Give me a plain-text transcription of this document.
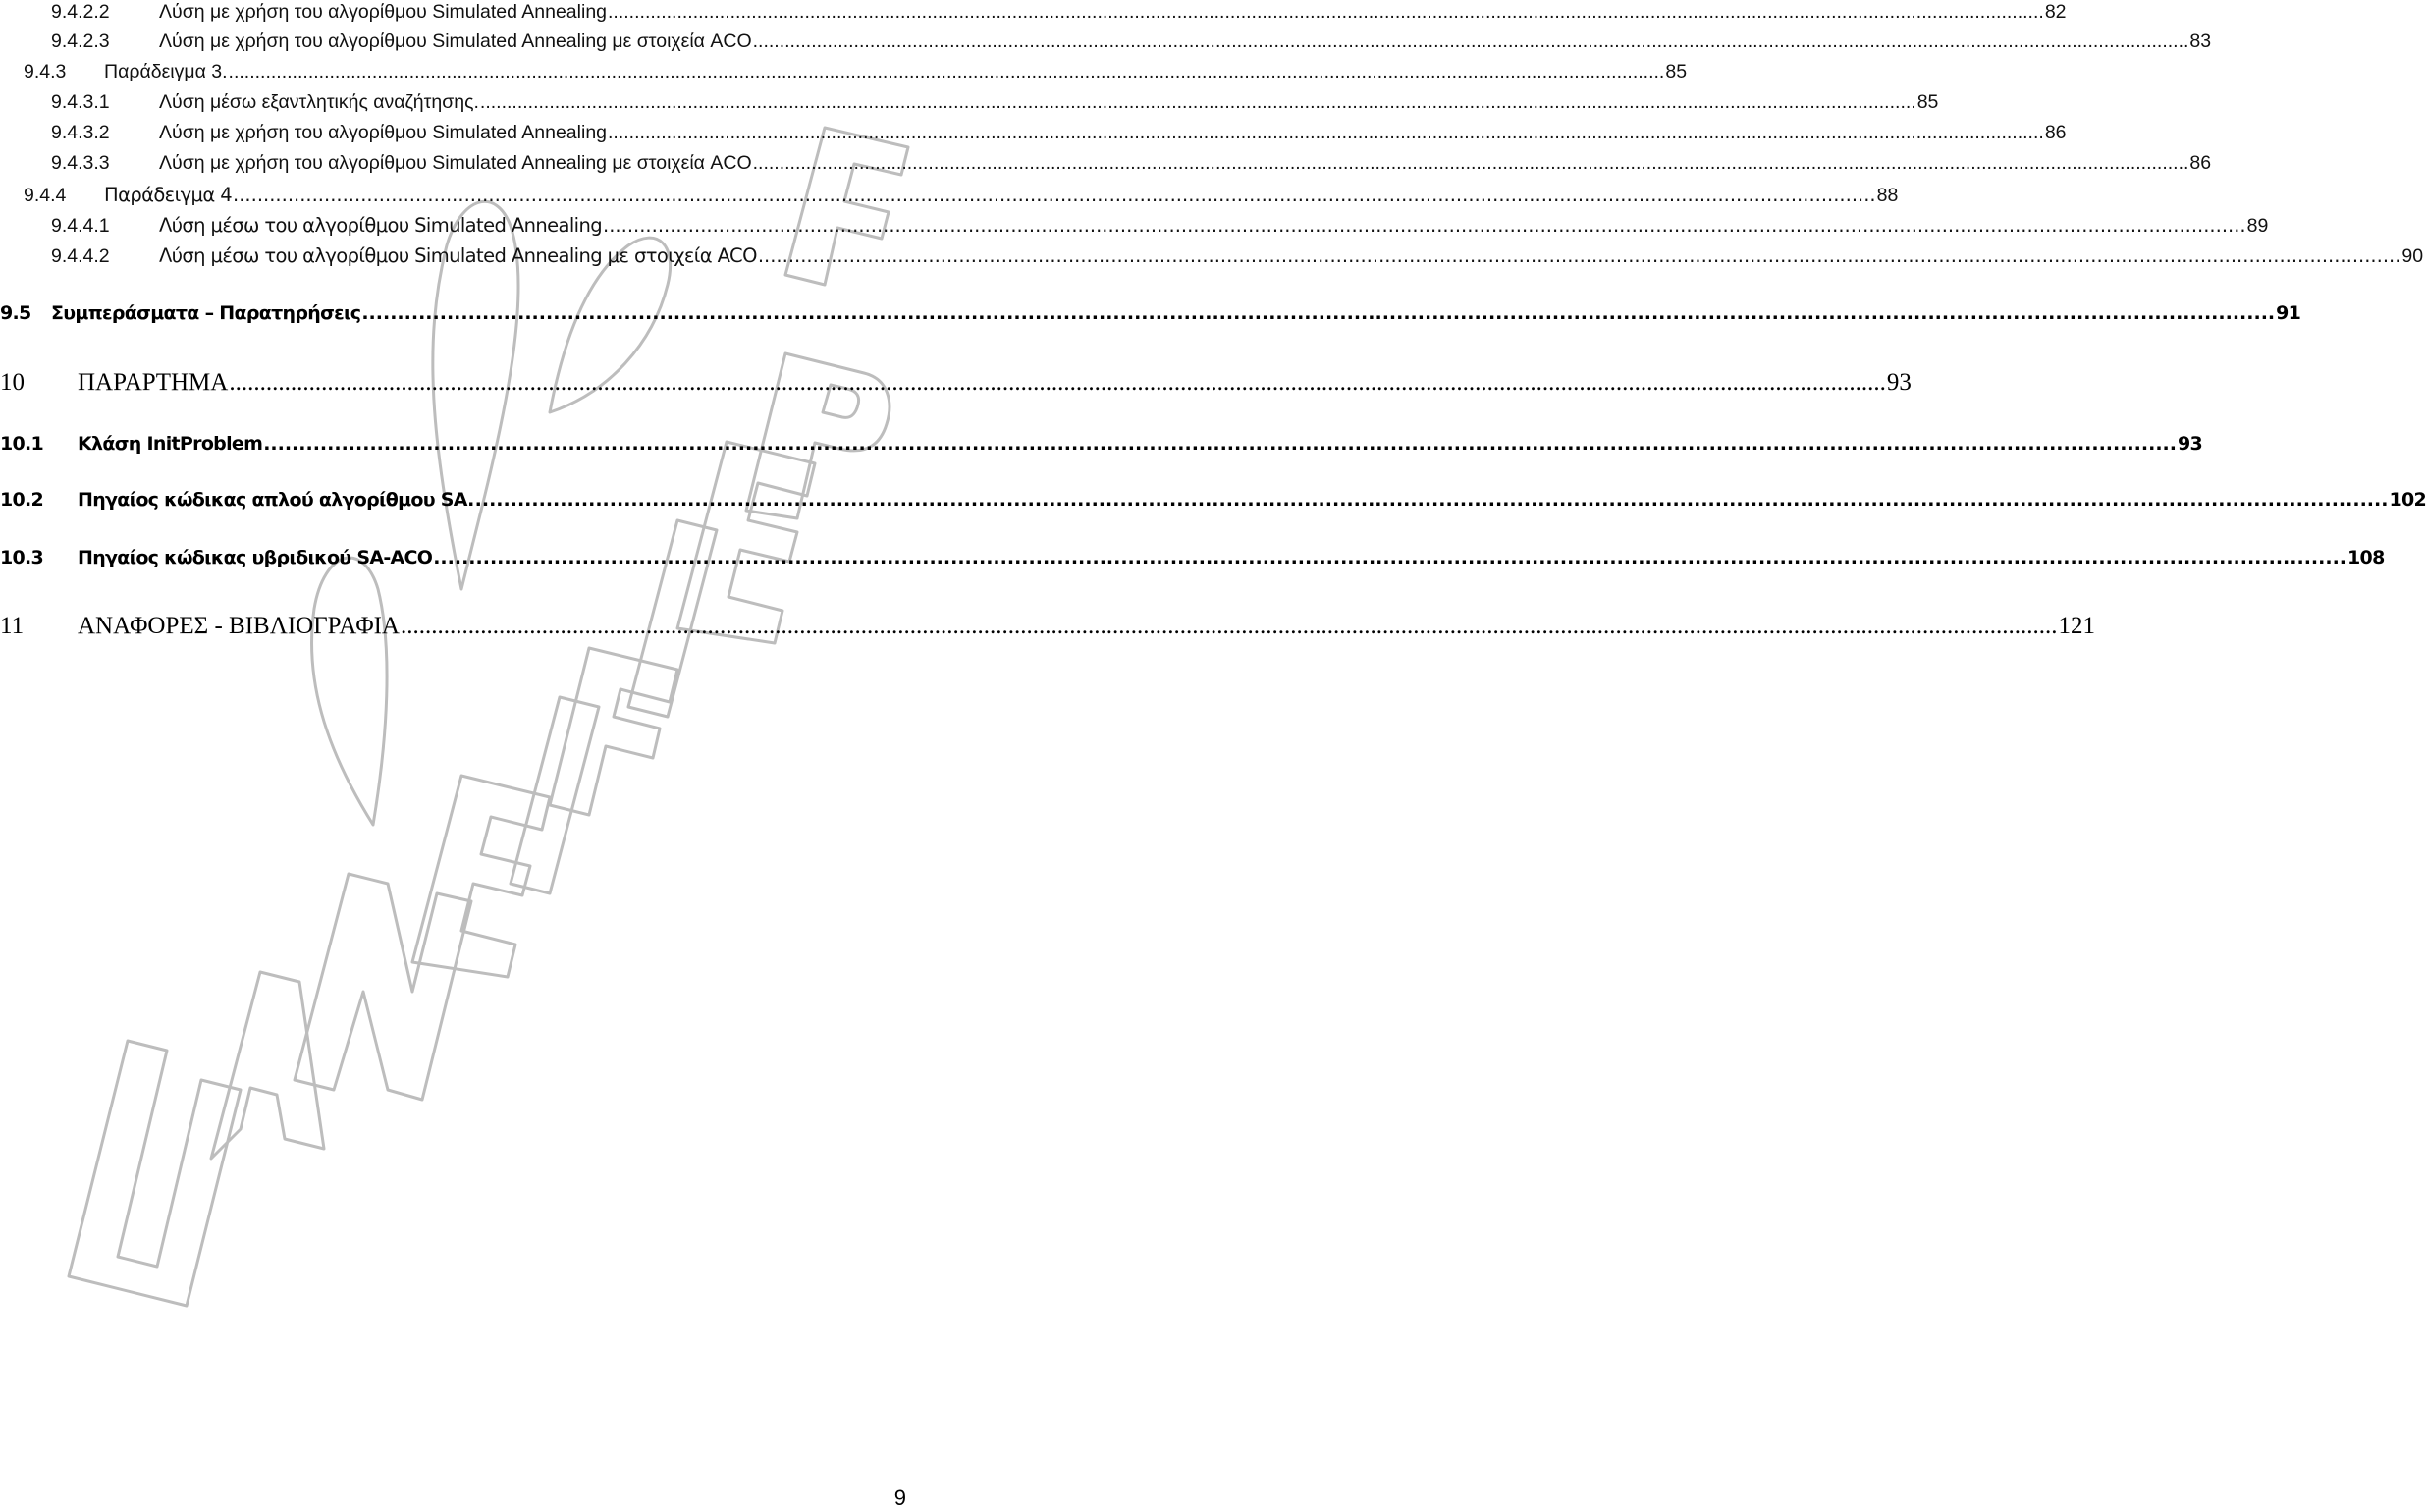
9.4.2.2	Λύση με χρήση του αλγορίθμου Simulated Annealing .....	82
9.4.2.3	Λύση με χρήση του αλγορίθμου Simulated Annealing με στοιχεία ACO .....	83
9.4.3	Παράδειγμα 3. .....	85
9.4.3.1	Λύση μέσω εξαντλητικής αναζήτησης. .....	85
9.4.3.2	Λύση με χρήση του αλγορίθμου Simulated Annealing .....	86
9.4.3.3	Λύση με χρήση του αλγορίθμου Simulated Annealing με στοιχεία ACO .....	86
9.4.4	Παράδειγμα 4 .....	88
9.4.4.1	Λύση μέσω του αλγορίθμου Simulated Annealing .....	89
9.4.4.2	Λύση μέσω του αλγορίθμου Simulated Annealing με στοιχεία ACO .....	90
9.5	Συμπεράσματα – Παρατηρήσεις .....	91
10	ΠΑΡΑΡΤΗΜΑ .....	93
10.1	Κλάση InitProblem .....	93
10.2	Πηγαίος κώδικας απλού αλγορίθμου SA. .....	102
10.3	Πηγαίος κώδικας υβριδικού SA-ACO .....	108
11	ΑΝΑΦΟΡΕΣ - ΒΙΒΛΙΟΓΡΑΦΙΑ .....	121
9
